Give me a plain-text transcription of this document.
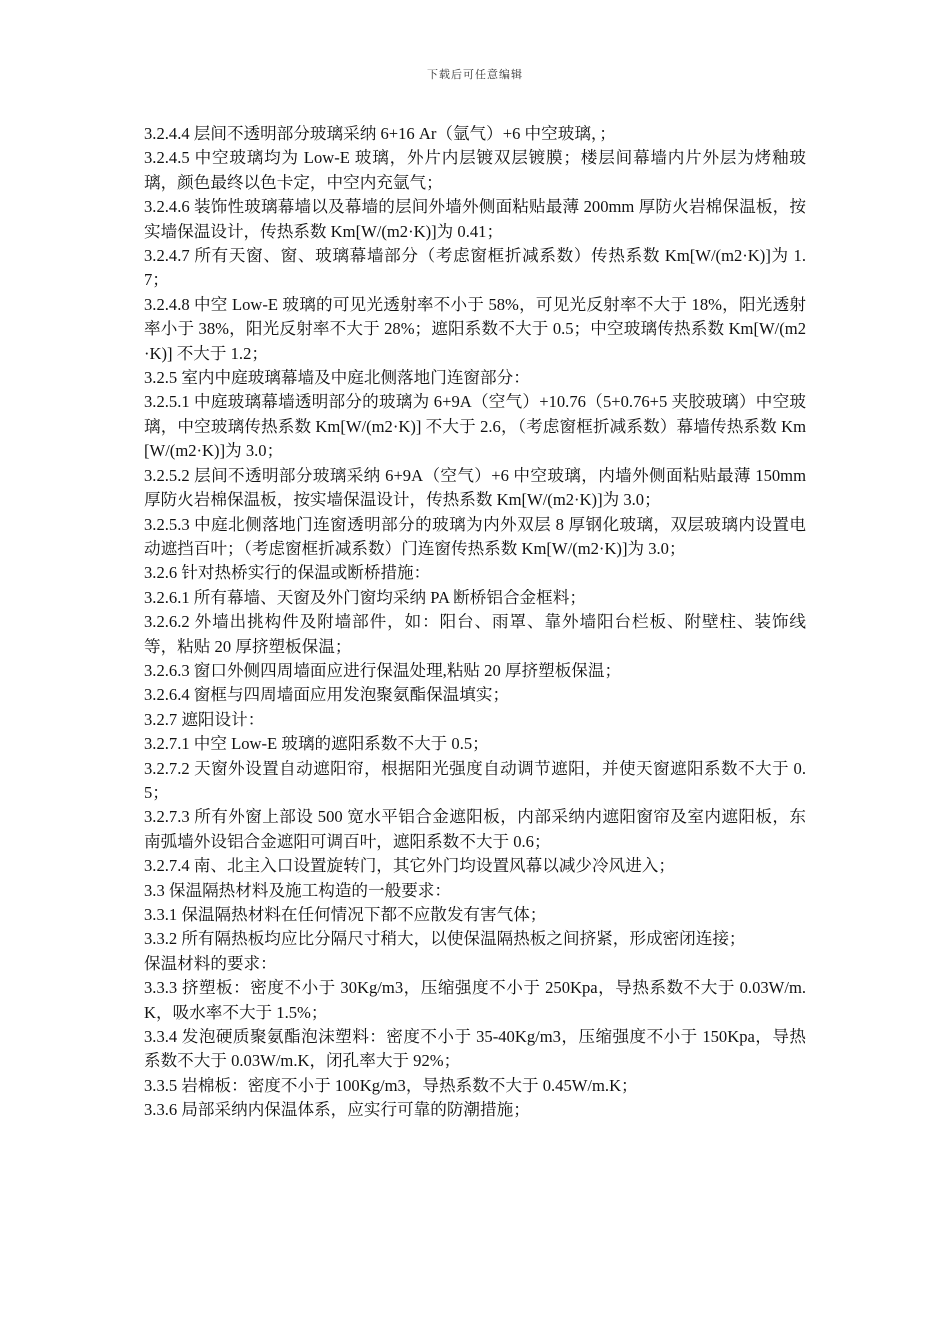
下载后可任意编辑

3.2.4.4 层间不透明部分玻璃采纳 6+16 Ar（氩气）+6 中空玻璃，；

3.2.4.5 中空玻璃均为 Low-E 玻璃，外片内层镀双层镀膜；楼层间幕墙内片外层为烤釉玻璃，颜色最终以色卡定，中空内充氩气；

3.2.4.6 装饰性玻璃幕墙以及幕墙的层间外墙外侧面粘贴最薄 200mm 厚防火岩棉保温板，按实墙保温设计，传热系数 Km[W/(m2·K)]为 0.41；

3.2.4.7 所有天窗、窗、玻璃幕墙部分（考虑窗框折减系数）传热系数 Km[W/(m2·K)]为 1.7；

3.2.4.8 中空 Low-E 玻璃的可见光透射率不小于 58%，可见光反射率不大于 18%，阳光透射率小于 38%，阳光反射率不大于 28%；遮阳系数不大于 0.5；中空玻璃传热系数 Km[W/(m2·K)] 不大于 1.2；

3.2.5 室内中庭玻璃幕墙及中庭北侧落地门连窗部分：

3.2.5.1 中庭玻璃幕墙透明部分的玻璃为 6+9A（空气）+10.76（5+0.76+5 夹胶玻璃）中空玻璃，中空玻璃传热系数 Km[W/(m2·K)] 不大于 2.6，（考虑窗框折减系数）幕墙传热系数 Km[W/(m2·K)]为 3.0；

3.2.5.2 层间不透明部分玻璃采纳 6+9A（空气）+6 中空玻璃，内墙外侧面粘贴最薄 150mm 厚防火岩棉保温板，按实墙保温设计，传热系数 Km[W/(m2·K)]为 3.0；

3.2.5.3 中庭北侧落地门连窗透明部分的玻璃为内外双层 8 厚钢化玻璃，双层玻璃内设置电动遮挡百叶；（考虑窗框折减系数）门连窗传热系数 Km[W/(m2·K)]为 3.0；

3.2.6 针对热桥实行的保温或断桥措施：

3.2.6.1 所有幕墙、天窗及外门窗均采纳 PA 断桥铝合金框料；

3.2.6.2 外墙出挑构件及附墙部件，如：阳台、雨罩、靠外墙阳台栏板、附壁柱、装饰线等，粘贴 20 厚挤塑板保温；

3.2.6.3 窗口外侧四周墙面应进行保温处理,粘贴 20 厚挤塑板保温；

3.2.6.4 窗框与四周墙面应用发泡聚氨酯保温填实；

3.2.7 遮阳设计：

3.2.7.1 中空 Low-E 玻璃的遮阳系数不大于 0.5；

3.2.7.2 天窗外设置自动遮阳帘，根据阳光强度自动调节遮阳，并使天窗遮阳系数不大于 0.5；

3.2.7.3 所有外窗上部设 500 宽水平铝合金遮阳板，内部采纳内遮阳窗帘及室内遮阳板，东南弧墙外设铝合金遮阳可调百叶，遮阳系数不大于 0.6；

3.2.7.4 南、北主入口设置旋转门，其它外门均设置风幕以减少冷风进入；

3.3 保温隔热材料及施工构造的一般要求：

3.3.1 保温隔热材料在任何情况下都不应散发有害气体；

3.3.2 所有隔热板均应比分隔尺寸稍大，以使保温隔热板之间挤紧，形成密闭连接；

保温材料的要求：

3.3.3 挤塑板：密度不小于 30Kg/m3，压缩强度不小于 250Kpa，导热系数不大于 0.03W/m.K，吸水率不大于 1.5%；

3.3.4 发泡硬质聚氨酯泡沫塑料：密度不小于 35-40Kg/m3，压缩强度不小于 150Kpa，导热系数不大于 0.03W/m.K，闭孔率大于 92%；

3.3.5 岩棉板：密度不小于 100Kg/m3，导热系数不大于 0.45W/m.K；

3.3.6 局部采纳内保温体系，应实行可靠的防潮措施；
